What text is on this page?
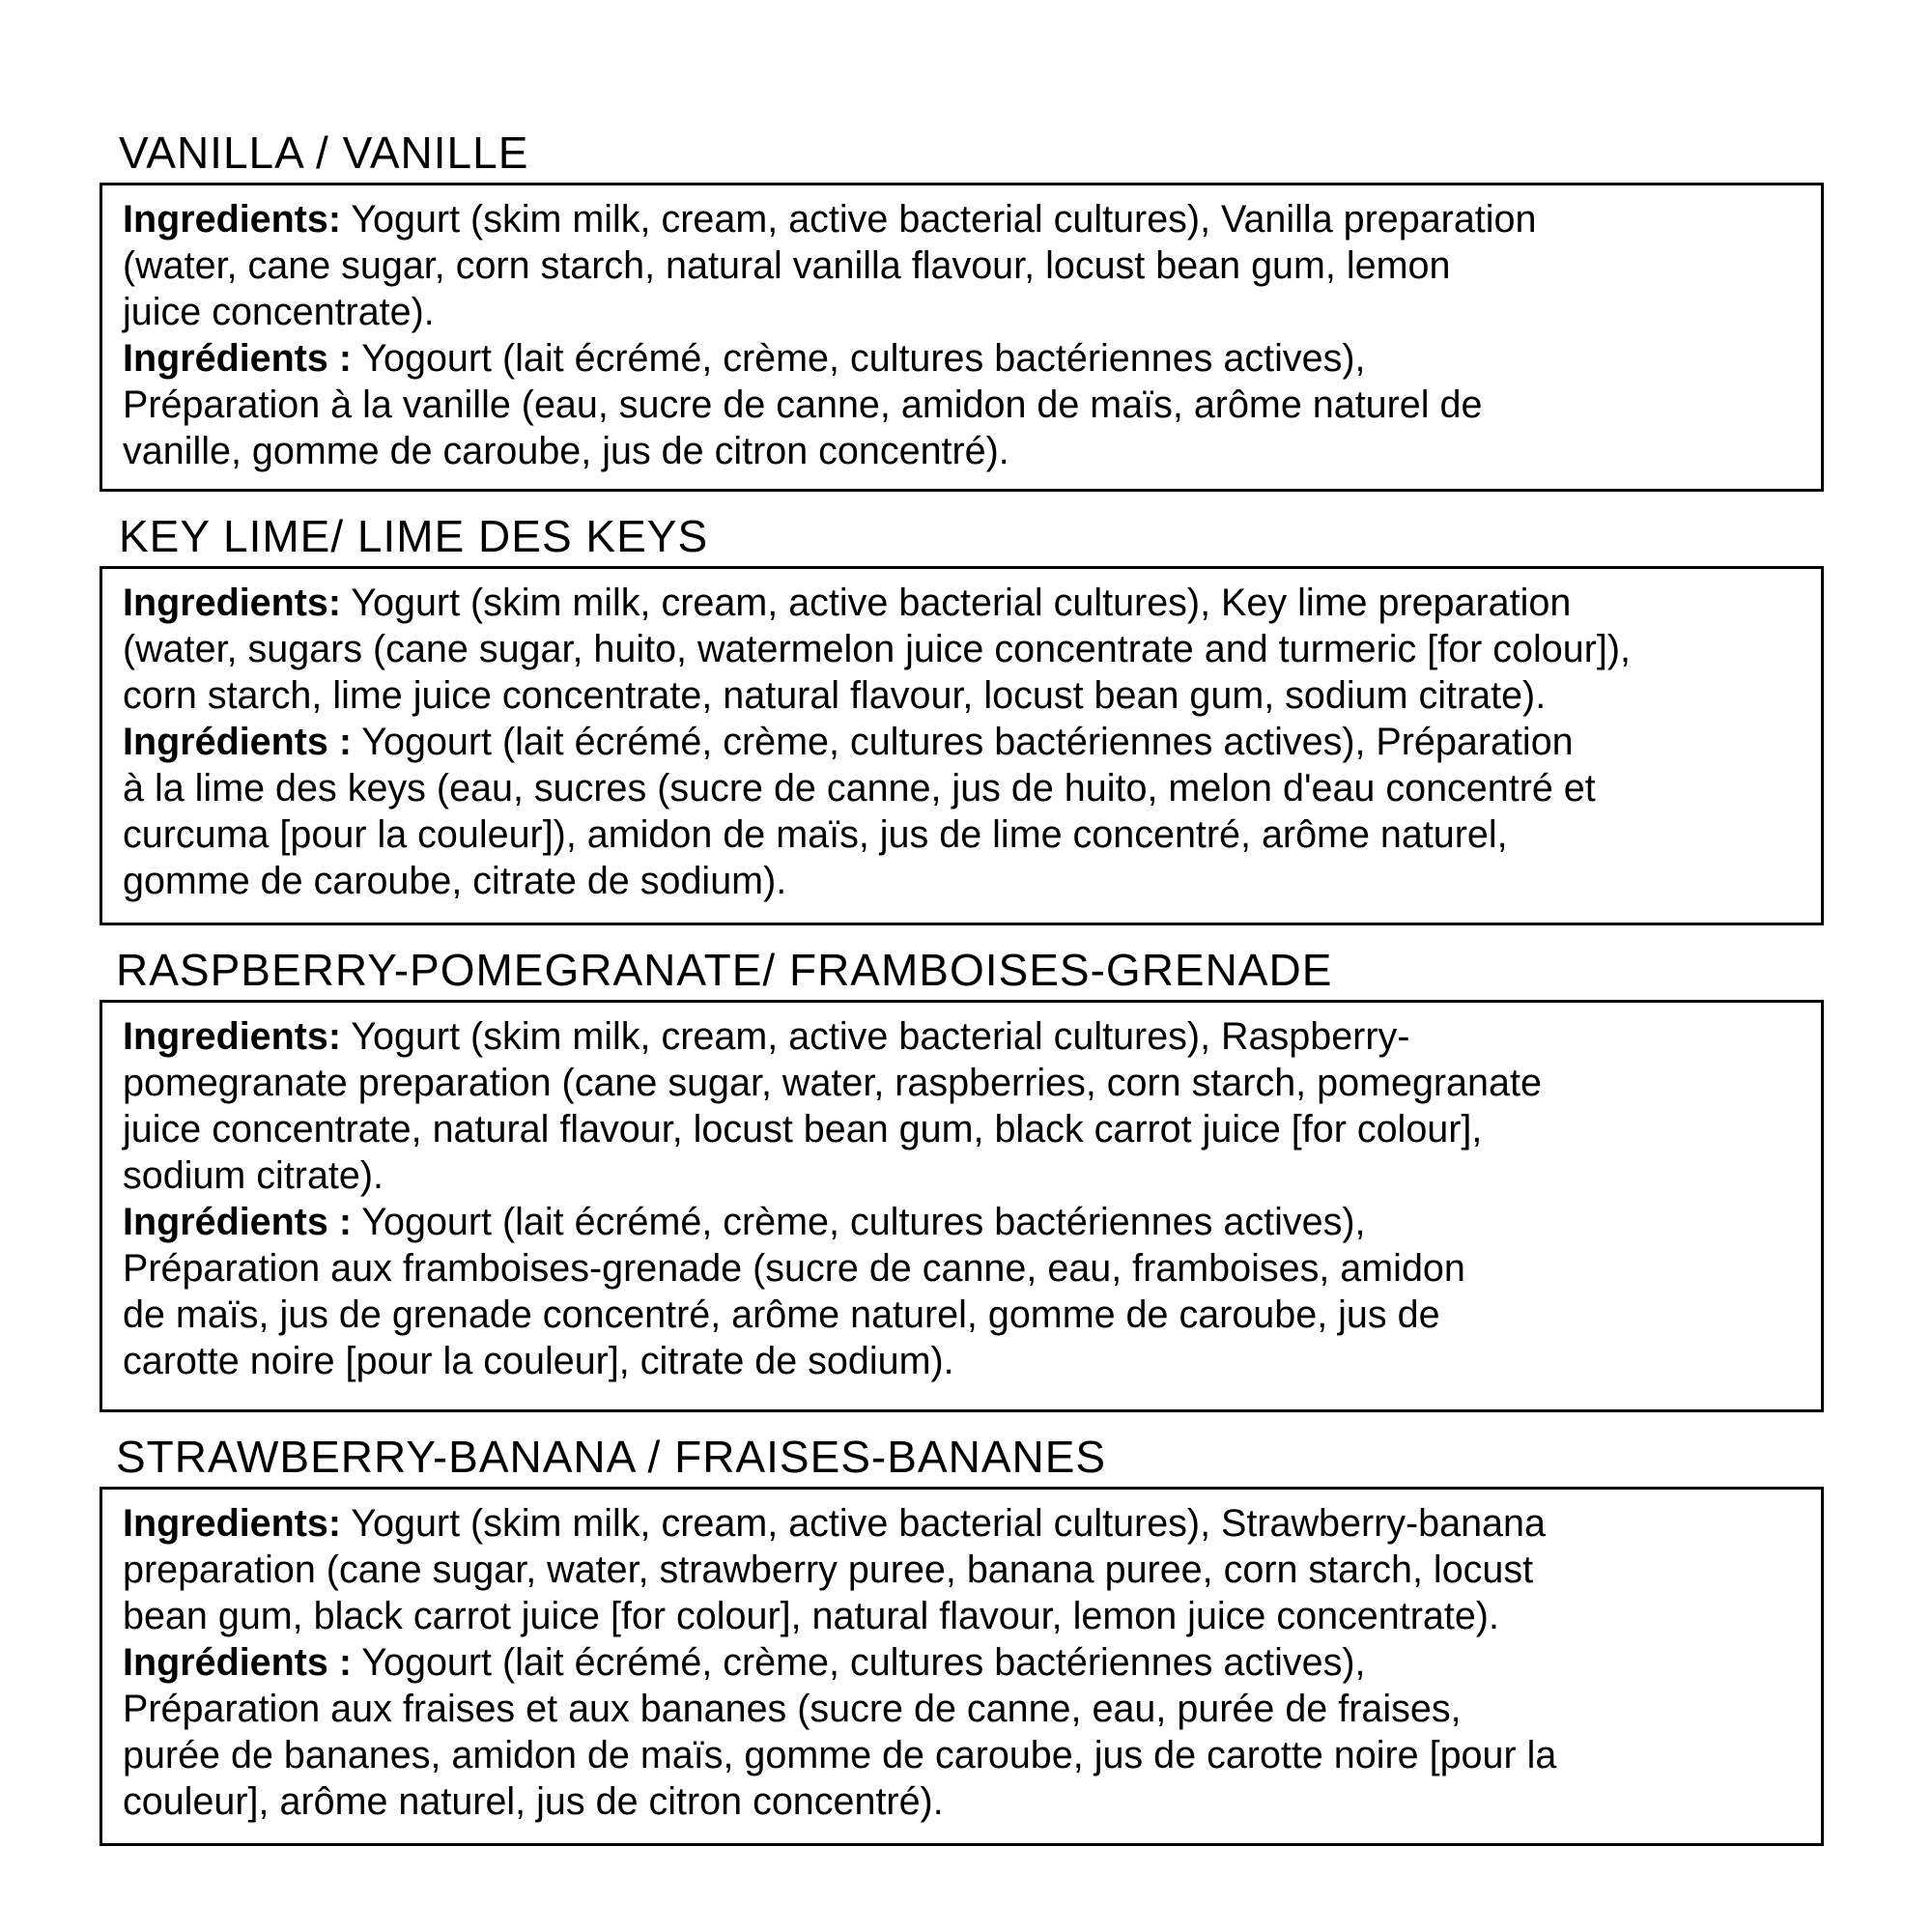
VANILLA / VANILLE
Ingredients: Yogurt (skim milk, cream, active bacterial cultures), Vanilla preparation
(water, cane sugar, corn starch, natural vanilla flavour, locust bean gum, lemon
juice concentrate).
Ingrédients : Yogourt (lait écrémé, crème, cultures bactériennes actives),
Préparation à la vanille (eau, sucre de canne, amidon de maïs, arôme naturel de
vanille, gomme de caroube, jus de citron concentré).
KEY LIME/ LIME DES KEYS
Ingredients: Yogurt (skim milk, cream, active bacterial cultures), Key lime preparation
(water, sugars (cane sugar, huito, watermelon juice concentrate and turmeric [for colour]),
corn starch, lime juice concentrate, natural flavour, locust bean gum, sodium citrate).
Ingrédients : Yogourt (lait écrémé, crème, cultures bactériennes actives), Préparation
à la lime des keys (eau, sucres (sucre de canne, jus de huito, melon d'eau concentré et
curcuma [pour la couleur]), amidon de maïs, jus de lime concentré, arôme naturel,
gomme de caroube, citrate de sodium).
RASPBERRY-POMEGRANATE/ FRAMBOISES-GRENADE
Ingredients: Yogurt (skim milk, cream, active bacterial cultures), Raspberry-
pomegranate preparation (cane sugar, water, raspberries, corn starch, pomegranate
juice concentrate, natural flavour, locust bean gum, black carrot juice [for colour],
sodium citrate).
Ingrédients : Yogourt (lait écrémé, crème, cultures bactériennes actives),
Préparation aux framboises-grenade (sucre de canne, eau, framboises, amidon
de maïs, jus de grenade concentré, arôme naturel, gomme de caroube, jus de
carotte noire [pour la couleur], citrate de sodium).
STRAWBERRY-BANANA / FRAISES-BANANES
Ingredients: Yogurt (skim milk, cream, active bacterial cultures), Strawberry-banana
preparation (cane sugar, water, strawberry puree, banana puree, corn starch, locust
bean gum, black carrot juice [for colour], natural flavour, lemon juice concentrate).
Ingrédients : Yogourt (lait écrémé, crème, cultures bactériennes actives),
Préparation aux fraises et aux bananes (sucre de canne, eau, purée de fraises,
purée de bananes, amidon de maïs, gomme de caroube, jus de carotte noire [pour la
couleur], arôme naturel, jus de citron concentré).
